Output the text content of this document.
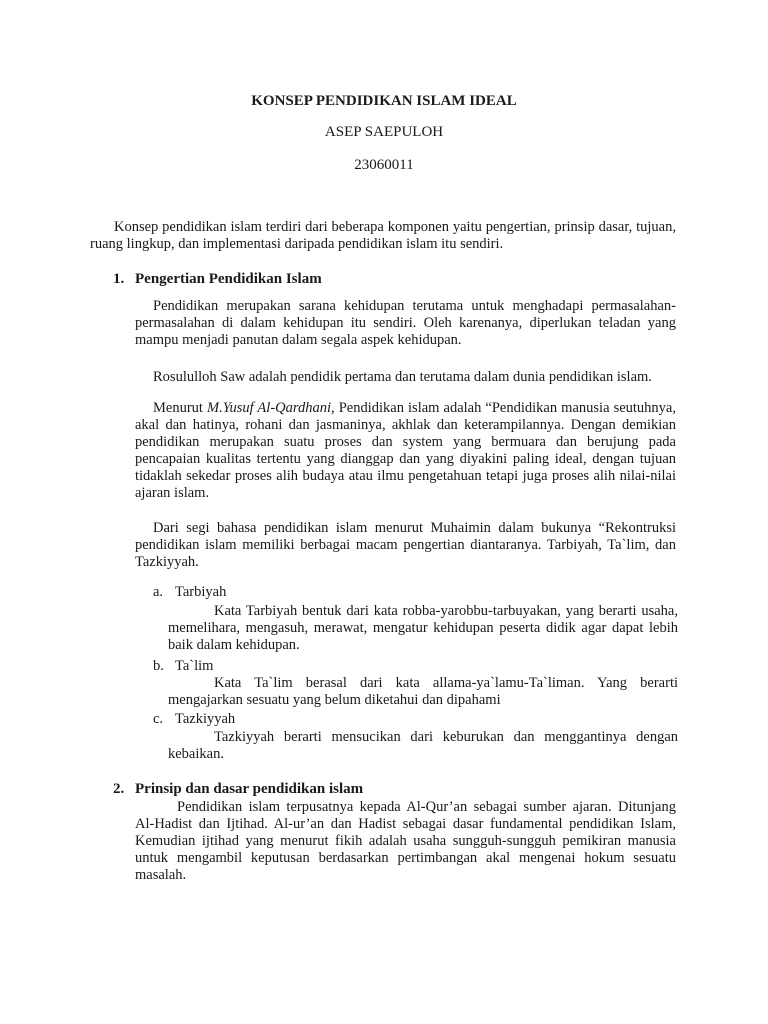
KONSEP PENDIDIKAN ISLAM IDEAL
ASEP SAEPULOH
23060011
Konsep pendidikan islam terdiri dari beberapa komponen yaitu pengertian, prinsip dasar, tujuan, ruang lingkup, dan implementasi daripada pendidikan islam itu sendiri.
1. Pengertian Pendidikan Islam
Pendidikan merupakan sarana kehidupan terutama untuk menghadapi permasalahan-permasalahan di dalam kehidupan itu sendiri. Oleh karenanya, diperlukan teladan yang mampu menjadi panutan dalam segala aspek kehidupan.
Rosululloh Saw adalah pendidik pertama dan terutama dalam dunia pendidikan islam.
Menurut M.Yusuf Al-Qardhani, Pendidikan islam adalah “Pendidikan manusia seutuhnya, akal dan hatinya, rohani dan jasmaninya, akhlak dan keterampilannya. Dengan demikian pendidikan merupakan suatu proses dan system yang bermuara dan berujung pada pencapaian kualitas tertentu yang dianggap dan yang diyakini paling ideal, dengan tujuan tidaklah sekedar proses alih budaya atau ilmu pengetahuan tetapi juga proses alih nilai-nilai ajaran islam.
Dari segi bahasa pendidikan islam menurut Muhaimin dalam bukunya “Rekontruksi pendidikan islam memiliki berbagai macam pengertian diantaranya. Tarbiyah, Ta`lim, dan Tazkiyyah.
a. Tarbiyah
Kata Tarbiyah bentuk dari kata robba-yarobbu-tarbuyakan, yang berarti usaha, memelihara, mengasuh, merawat, mengatur kehidupan peserta didik agar dapat lebih baik dalam kehidupan.
b. Ta`lim
Kata Ta`lim berasal dari kata allama-ya`lamu-Ta`liman. Yang berarti mengajarkan sesuatu yang belum diketahui dan dipahami
c. Tazkiyyah
Tazkiyyah berarti mensucikan dari keburukan dan menggantinya dengan kebaikan.
2. Prinsip dan dasar pendidikan islam
Pendidikan islam terpusatnya kepada Al-Qur’an sebagai sumber ajaran. Ditunjang Al-Hadist dan Ijtihad. Al-ur’an dan Hadist sebagai dasar fundamental pendidikan Islam, Kemudian ijtihad yang menurut fikih adalah usaha sungguh-sungguh pemikiran manusia untuk mengambil keputusan berdasarkan pertimbangan akal mengenai hokum sesuatu masalah.
